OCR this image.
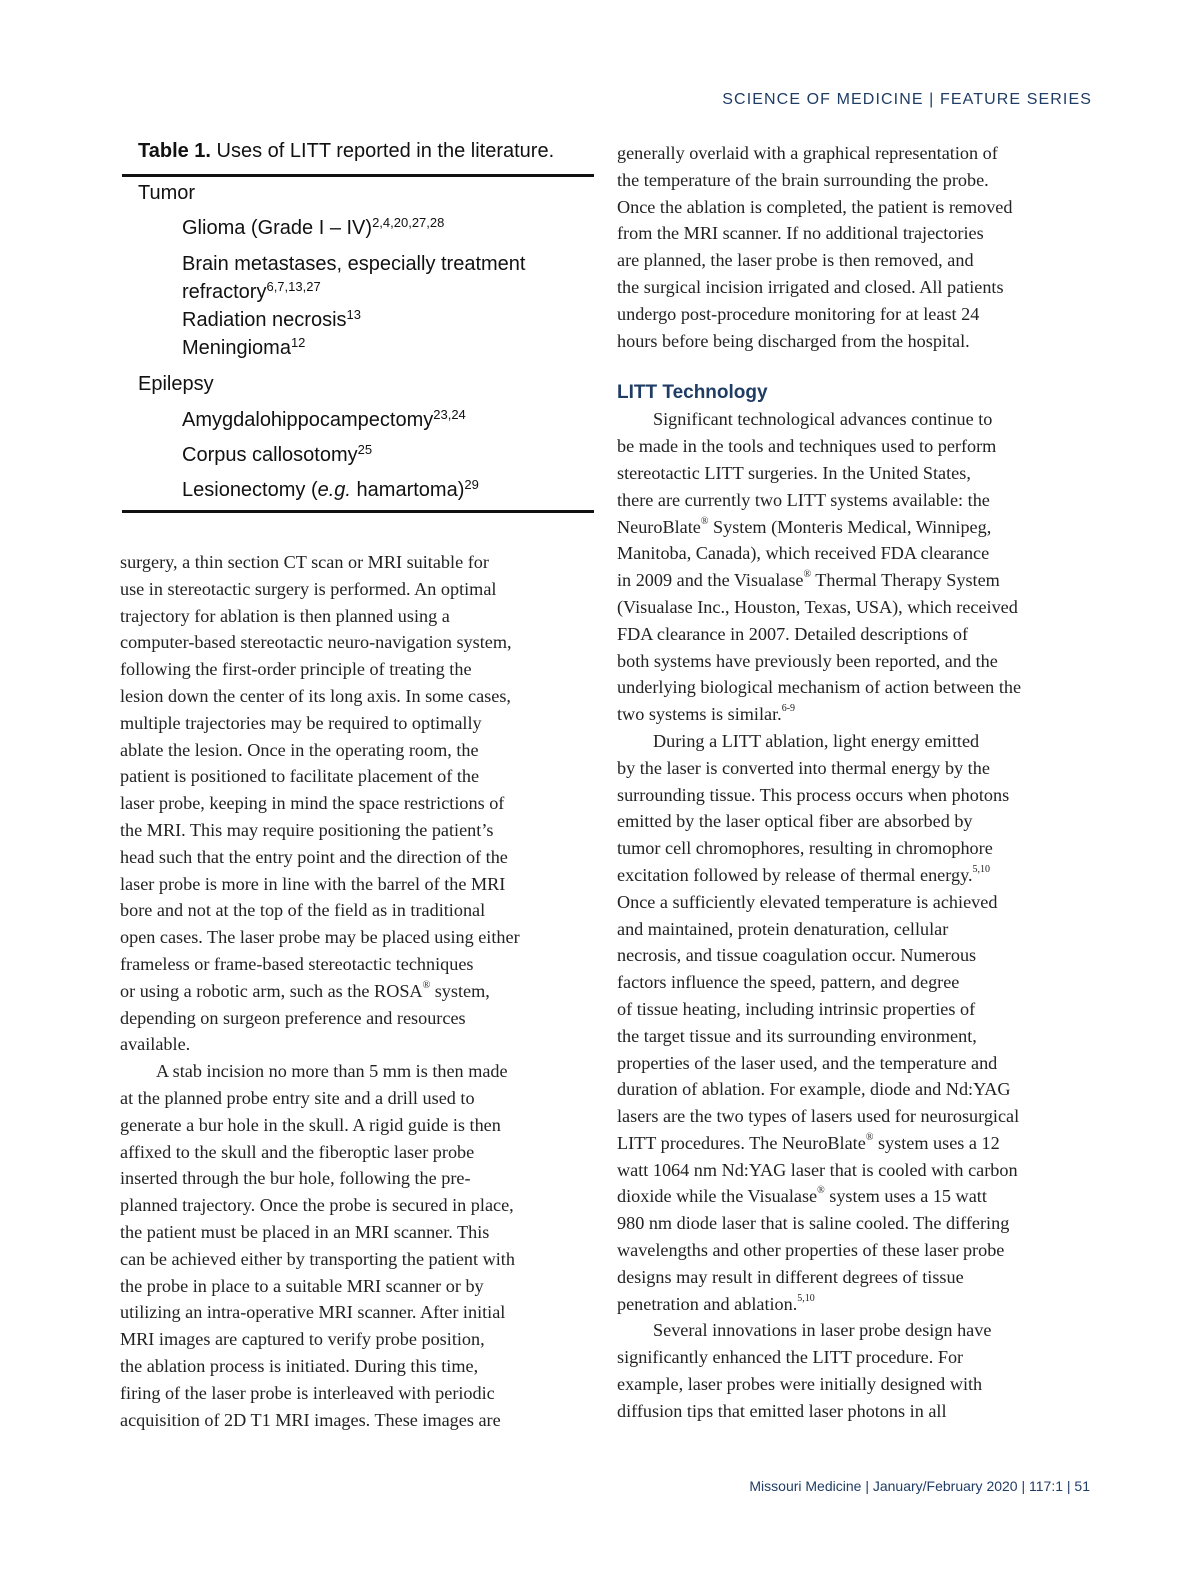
SCIENCE OF MEDICINE | FEATURE SERIES
Table 1. Uses of LITT reported in the literature.
Tumor
Glioma (Grade I – IV)$^{2,4,20,27,28}$
Brain metastases, especially treatment
refractory$^{6,7,13,27}$
Radiation necrosis$^{13}$
Meningioma$^{12}$
Epilepsy
Amygdalohippocampectomy$^{23,24}$
Corpus callosotomy$^{25}$
Lesionectomy (e.g. hamartoma)$^{29}$
surgery, a thin section CT scan or MRI suitable for
use in stereotactic surgery is performed. An optimal
trajectory for ablation is then planned using a
computer-based stereotactic neuro-navigation system,
following the first-order principle of treating the
lesion down the center of its long axis. In some cases,
multiple trajectories may be required to optimally
ablate the lesion. Once in the operating room, the
patient is positioned to facilitate placement of the
laser probe, keeping in mind the space restrictions of
the MRI. This may require positioning the patient’s
head such that the entry point and the direction of the
laser probe is more in line with the barrel of the MRI
bore and not at the top of the field as in traditional
open cases. The laser probe may be placed using either
frameless or frame-based stereotactic techniques
or using a robotic arm, such as the ROSA® system,
depending on surgeon preference and resources
available.
A stab incision no more than 5 mm is then made
at the planned probe entry site and a drill used to
generate a bur hole in the skull. A rigid guide is then
affixed to the skull and the fiberoptic laser probe
inserted through the bur hole, following the pre-
planned trajectory. Once the probe is secured in place,
the patient must be placed in an MRI scanner. This
can be achieved either by transporting the patient with
the probe in place to a suitable MRI scanner or by
utilizing an intra-operative MRI scanner. After initial
MRI images are captured to verify probe position,
the ablation process is initiated. During this time,
firing of the laser probe is interleaved with periodic
acquisition of 2D T1 MRI images. These images are
generally overlaid with a graphical representation of
the temperature of the brain surrounding the probe.
Once the ablation is completed, the patient is removed
from the MRI scanner. If no additional trajectories
are planned, the laser probe is then removed, and
the surgical incision irrigated and closed. All patients
undergo post-procedure monitoring for at least 24
hours before being discharged from the hospital.
LITT Technology
Significant technological advances continue to
be made in the tools and techniques used to perform
stereotactic LITT surgeries. In the United States,
there are currently two LITT systems available: the
NeuroBlate® System (Monteris Medical, Winnipeg,
Manitoba, Canada), which received FDA clearance
in 2009 and the Visualase® Thermal Therapy System
(Visualase Inc., Houston, Texas, USA), which received
FDA clearance in 2007. Detailed descriptions of
both systems have previously been reported, and the
underlying biological mechanism of action between the
two systems is similar.$^{6-9}$
During a LITT ablation, light energy emitted
by the laser is converted into thermal energy by the
surrounding tissue. This process occurs when photons
emitted by the laser optical fiber are absorbed by
tumor cell chromophores, resulting in chromophore
excitation followed by release of thermal energy.$^{5,10}$
Once a sufficiently elevated temperature is achieved
and maintained, protein denaturation, cellular
necrosis, and tissue coagulation occur. Numerous
factors influence the speed, pattern, and degree
of tissue heating, including intrinsic properties of
the target tissue and its surrounding environment,
properties of the laser used, and the temperature and
duration of ablation. For example, diode and Nd:YAG
lasers are the two types of lasers used for neurosurgical
LITT procedures. The NeuroBlate® system uses a 12
watt 1064 nm Nd:YAG laser that is cooled with carbon
dioxide while the Visualase® system uses a 15 watt
980 nm diode laser that is saline cooled. The differing
wavelengths and other properties of these laser probe
designs may result in different degrees of tissue
penetration and ablation.$^{5,10}$
Several innovations in laser probe design have
significantly enhanced the LITT procedure. For
example, laser probes were initially designed with
diffusion tips that emitted laser photons in all
Missouri Medicine | January/February 2020 | 117:1 | 51
